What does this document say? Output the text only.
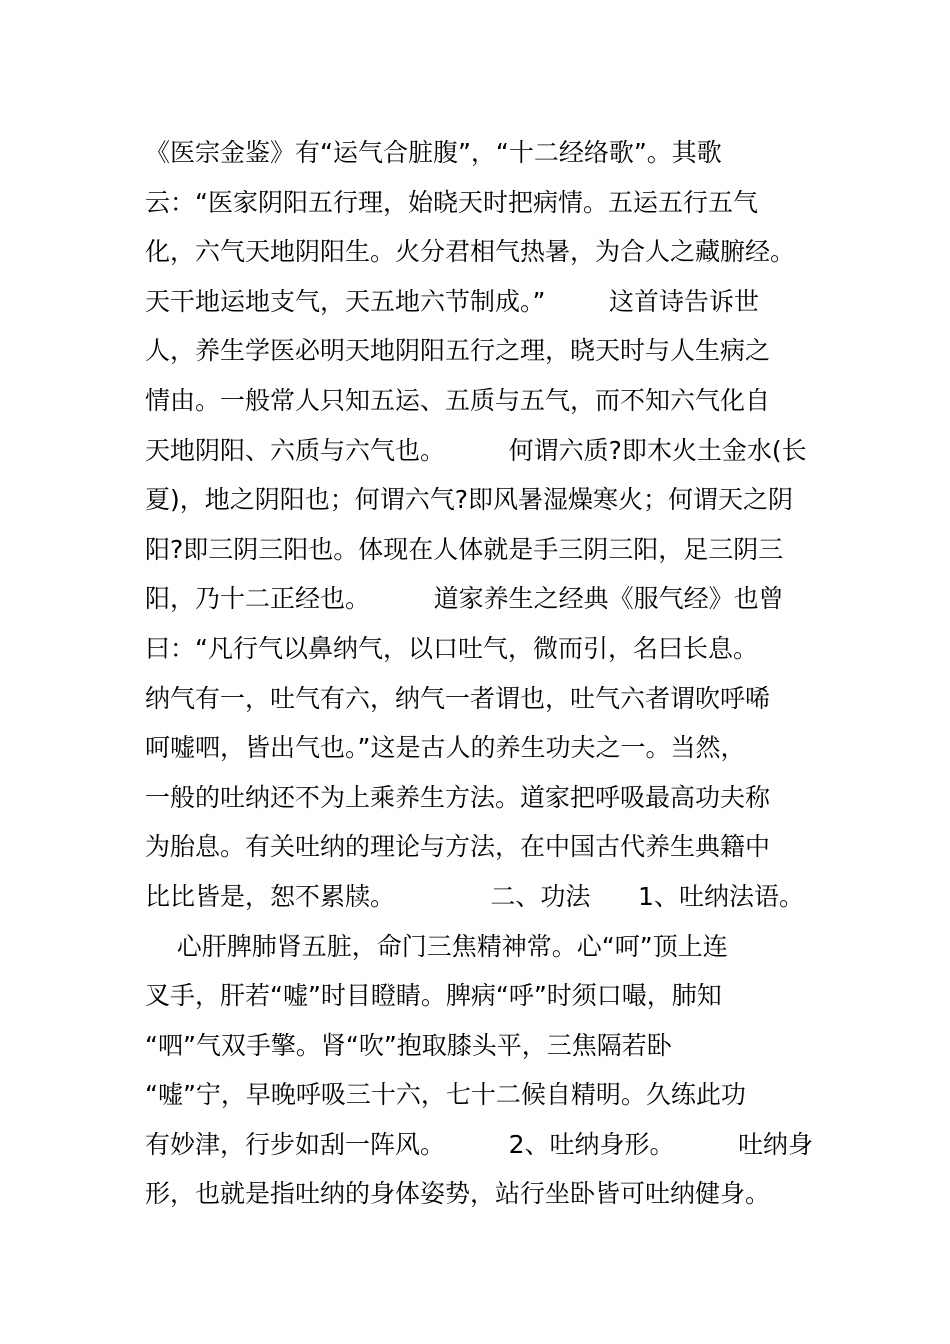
《医宗金鉴》有“运气合脏腹”，“十二经络歌”。其歌
云：“医家阴阳五行理，始晓天时把病情。五运五行五气
化，六气天地阴阳生。火分君相气热暑，为合人之藏腑经。
天干地运地支气，天五地六节制成。”        这首诗告诉世
人，养生学医必明天地阴阳五行之理，晓天时与人生病之
情由。一般常人只知五运、五质与五气，而不知六气化自
天地阴阳、六质与六气也。        何谓六质?即木火土金水(长
夏)，地之阴阳也；何谓六气?即风暑湿燥寒火；何谓天之阴
阳?即三阴三阳也。体现在人体就是手三阴三阳，足三阴三
阳，乃十二正经也。        道家养生之经典《服气经》也曾
曰：“凡行气以鼻纳气，以口吐气，微而引，名曰长息。
纳气有一，吐气有六，纳气一者谓也，吐气六者谓吹呼唏
呵嘘呬，皆出气也。”这是古人的养生功夫之一。当然，
一般的吐纳还不为上乘养生方法。道家把呼吸最高功夫称
为胎息。有关吐纳的理论与方法，在中国古代养生典籍中
比比皆是，恕不累牍。            二、功法      1、吐纳法语。
心肝脾肺肾五脏，命门三焦精神常。心“呵”顶上连
叉手，肝若“嘘”时目瞪睛。脾病“呼”时须口嘬，肺知
“呬”气双手擎。肾“吹”抱取膝头平，三焦隔若卧
“嘘”宁，早晚呼吸三十六，七十二候自精明。久练此功
有妙津，行步如刮一阵风。        2、吐纳身形。        吐纳身
形，也就是指吐纳的身体姿势，站行坐卧皆可吐纳健身。
